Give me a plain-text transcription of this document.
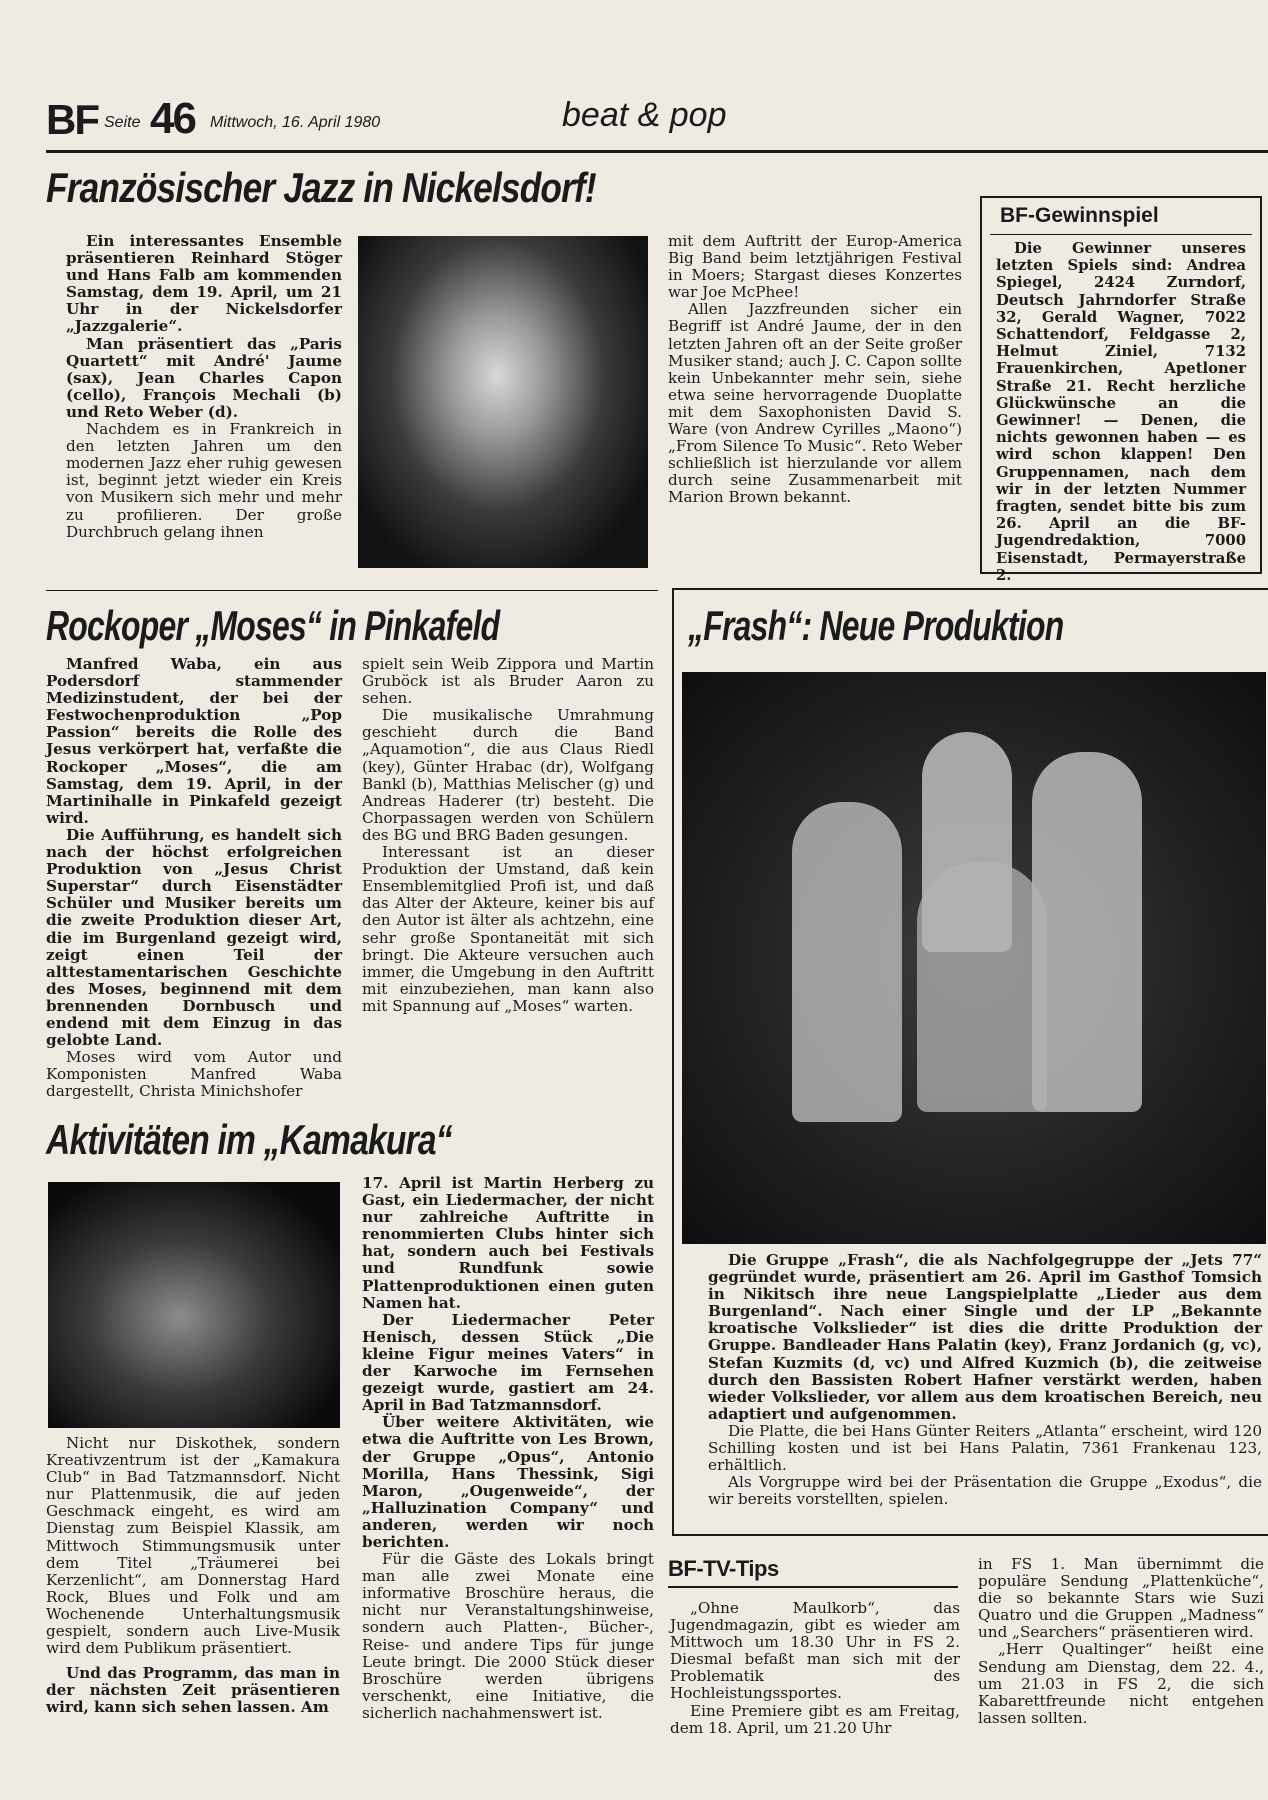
BF Seite 46 Mittwoch, 16. April 1980	beat & pop
Französischer Jazz in Nickelsdorf!

Ein interessantes Ensemble präsentieren Reinhard Stöger und Hans Falb am kommenden Samstag, dem 19. April, um 21 Uhr in der Nickelsdorfer „Jazzgalerie“.

Man präsentiert das „Paris Quartett“ mit André' Jaume (sax), Jean Charles Capon (cello), François Mechali (b) und Reto Weber (d).

Nachdem es in Frankreich in den letzten Jahren um den modernen Jazz eher ruhig gewesen ist, beginnt jetzt wieder ein Kreis von Musikern sich mehr und mehr zu profilieren. Der große Durchbruch gelang ihnen

mit dem Auftritt der Europ-America Big Band beim letztjährigen Festival in Moers; Stargast dieses Konzertes war Joe McPhee!

Allen Jazzfreunden sicher ein Begriff ist André Jaume, der in den letzten Jahren oft an der Seite großer Musiker stand; auch J. C. Capon sollte kein Unbekannter mehr sein, siehe etwa seine hervorragende Duoplatte mit dem Saxophonisten David S. Ware (von Andrew Cyrilles „Maono“) „From Silence To Music“. Reto Weber schließlich ist hierzulande vor allem durch seine Zusammenarbeit mit Marion Brown bekannt.

BF-Gewinnspiel
Die Gewinner unseres letzten Spiels sind: Andrea Spiegel, 2424 Zurndorf, Deutsch Jahrndorfer Straße 32, Gerald Wagner, 7022 Schattendorf, Feldgasse 2, Helmut Ziniel, 7132 Frauenkirchen, Apetloner Straße 21. Recht herzliche Glückwünsche an die Gewinner! — Denen, die nichts gewonnen haben — es wird schon klappen! Den Gruppennamen, nach dem wir in der letzten Nummer fragten, sendet bitte bis zum 26. April an die BF-Jugendredaktion, 7000 Eisenstadt, Permayerstraße 2.
Rockoper „Moses“ in Pinkafeld

Manfred Waba, ein aus Podersdorf stammender Medizinstudent, der bei der Festwochenproduktion „Pop Passion“ bereits die Rolle des Jesus verkörpert hat, verfaßte die Rockoper „Moses“, die am Samstag, dem 19. April, in der Martinihalle in Pinkafeld gezeigt wird.

Die Aufführung, es handelt sich nach der höchst erfolgreichen Produktion von „Jesus Christ Superstar“ durch Eisenstädter Schüler und Musiker bereits um die zweite Produktion dieser Art, die im Burgenland gezeigt wird, zeigt einen Teil der alttestamentarischen Geschichte des Moses, beginnend mit dem brennenden Dornbusch und endend mit dem Einzug in das gelobte Land.

Moses wird vom Autor und Komponisten Manfred Waba dargestellt, Christa Minichshofer

spielt sein Weib Zippora und Martin Gruböck ist als Bruder Aaron zu sehen.

Die musikalische Umrahmung geschieht durch die Band „Aquamotion“, die aus Claus Riedl (key), Günter Hrabac (dr), Wolfgang Bankl (b), Matthias Melischer (g) und Andreas Haderer (tr) besteht. Die Chorpassagen werden von Schülern des BG und BRG Baden gesungen.

Interessant ist an dieser Produktion der Umstand, daß kein Ensemblemitglied Profi ist, und daß das Alter der Akteure, keiner bis auf den Autor ist älter als achtzehn, eine sehr große Spontaneität mit sich bringt. Die Akteure versuchen auch immer, die Umgebung in den Auftritt mit einzubeziehen, man kann also mit Spannung auf „Moses“ warten.

„Frash“: Neue Produktion

Die Gruppe „Frash“, die als Nachfolgegruppe der „Jets 77“ gegründet wurde, präsentiert am 26. April im Gasthof Tomsich in Nikitsch ihre neue Langspielplatte „Lieder aus dem Burgenland“. Nach einer Single und der LP „Bekannte kroatische Volkslieder“ ist dies die dritte Produktion der Gruppe. Bandleader Hans Palatin (key), Franz Jordanich (g, vc), Stefan Kuzmits (d, vc) und Alfred Kuzmich (b), die zeitweise durch den Bassisten Robert Hafner verstärkt werden, haben wieder Volkslieder, vor allem aus dem kroatischen Bereich, neu adaptiert und aufgenommen.

Die Platte, die bei Hans Günter Reiters „Atlanta“ erscheint, wird 120 Schilling kosten und ist bei Hans Palatin, 7361 Frankenau 123, erhältlich.

Als Vorgruppe wird bei der Präsentation die Gruppe „Exodus“, die wir bereits vorstellten, spielen.

Aktivitäten im „Kamakura“

Nicht nur Diskothek, sondern Kreativzentrum ist der „Kamakura Club“ in Bad Tatzmannsdorf. Nicht nur Plattenmusik, die auf jeden Geschmack eingeht, es wird am Dienstag zum Beispiel Klassik, am Mittwoch Stimmungsmusik unter dem Titel „Träumerei bei Kerzenlicht“, am Donnerstag Hard Rock, Blues und Folk und am Wochenende Unterhaltungsmusik gespielt, sondern auch Live-Musik wird dem Publikum präsentiert.

Und das Programm, das man in der nächsten Zeit präsentieren wird, kann sich sehen lassen. Am

17. April ist Martin Herberg zu Gast, ein Liedermacher, der nicht nur zahlreiche Auftritte in renommierten Clubs hinter sich hat, sondern auch bei Festivals und Rundfunk sowie Plattenproduktionen einen guten Namen hat.

Der Liedermacher Peter Henisch, dessen Stück „Die kleine Figur meines Vaters“ in der Karwoche im Fernsehen gezeigt wurde, gastiert am 24. April in Bad Tatzmannsdorf.

Über weitere Aktivitäten, wie etwa die Auftritte von Les Brown, der Gruppe „Opus“, Antonio Morilla, Hans Thessink, Sigi Maron, „Ougenweide“, der „Halluzination Company“ und anderen, werden wir noch berichten.

Für die Gäste des Lokals bringt man alle zwei Monate eine informative Broschüre heraus, die nicht nur Veranstaltungshinweise, sondern auch Platten-, Bücher-, Reise- und andere Tips für junge Leute bringt. Die 2000 Stück dieser Broschüre werden übrigens verschenkt, eine Initiative, die sicherlich nachahmenswert ist.

BF-TV-Tips

„Ohne Maulkorb“, das Jugendmagazin, gibt es wieder am Mittwoch um 18.30 Uhr in FS 2. Diesmal befaßt man sich mit der Problematik des Hochleistungssportes.

Eine Premiere gibt es am Freitag, dem 18. April, um 21.20 Uhr

in FS 1. Man übernimmt die populäre Sendung „Plattenküche“, die so bekannte Stars wie Suzi Quatro und die Gruppen „Madness“ und „Searchers“ präsentieren wird.

„Herr Qualtinger“ heißt eine Sendung am Dienstag, dem 22. 4., um 21.03 in FS 2, die sich Kabarettfreunde nicht entgehen lassen sollten.
